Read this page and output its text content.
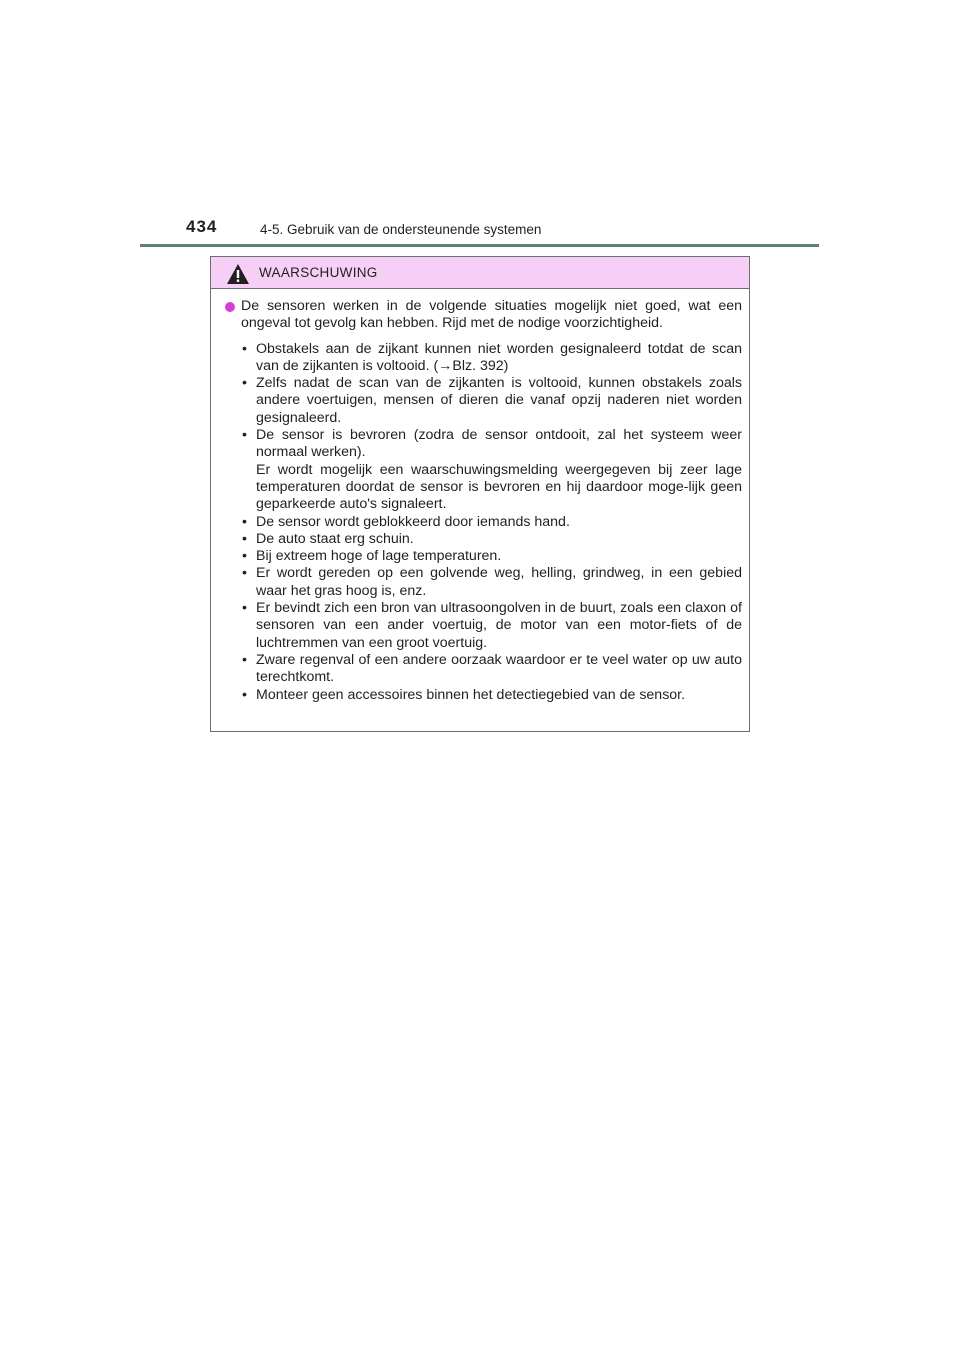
434	4-5. Gebruik van de ondersteunende systemen
WAARSCHUWING
De sensoren werken in de volgende situaties mogelijk niet goed, wat een ongeval tot gevolg kan hebben. Rijd met de nodige voorzichtigheid.
• Obstakels aan de zijkant kunnen niet worden gesignaleerd totdat de scan van de zijkanten is voltooid. (→Blz. 392)
• Zelfs nadat de scan van de zijkanten is voltooid, kunnen obstakels zoals andere voertuigen, mensen of dieren die vanaf opzij naderen niet worden gesignaleerd.
• De sensor is bevroren (zodra de sensor ontdooit, zal het systeem weer normaal werken).
Er wordt mogelijk een waarschuwingsmelding weergegeven bij zeer lage temperaturen doordat de sensor is bevroren en hij daardoor moge-lijk geen geparkeerde auto's signaleert.
• De sensor wordt geblokkeerd door iemands hand.
• De auto staat erg schuin.
• Bij extreem hoge of lage temperaturen.
• Er wordt gereden op een golvende weg, helling, grindweg, in een gebied waar het gras hoog is, enz.
• Er bevindt zich een bron van ultrasoongolven in de buurt, zoals een claxon of sensoren van een ander voertuig, de motor van een motor-fiets of de luchtremmen van een groot voertuig.
• Zware regenval of een andere oorzaak waardoor er te veel water op uw auto terechtkomt.
• Monteer geen accessoires binnen het detectiegebied van de sensor.
